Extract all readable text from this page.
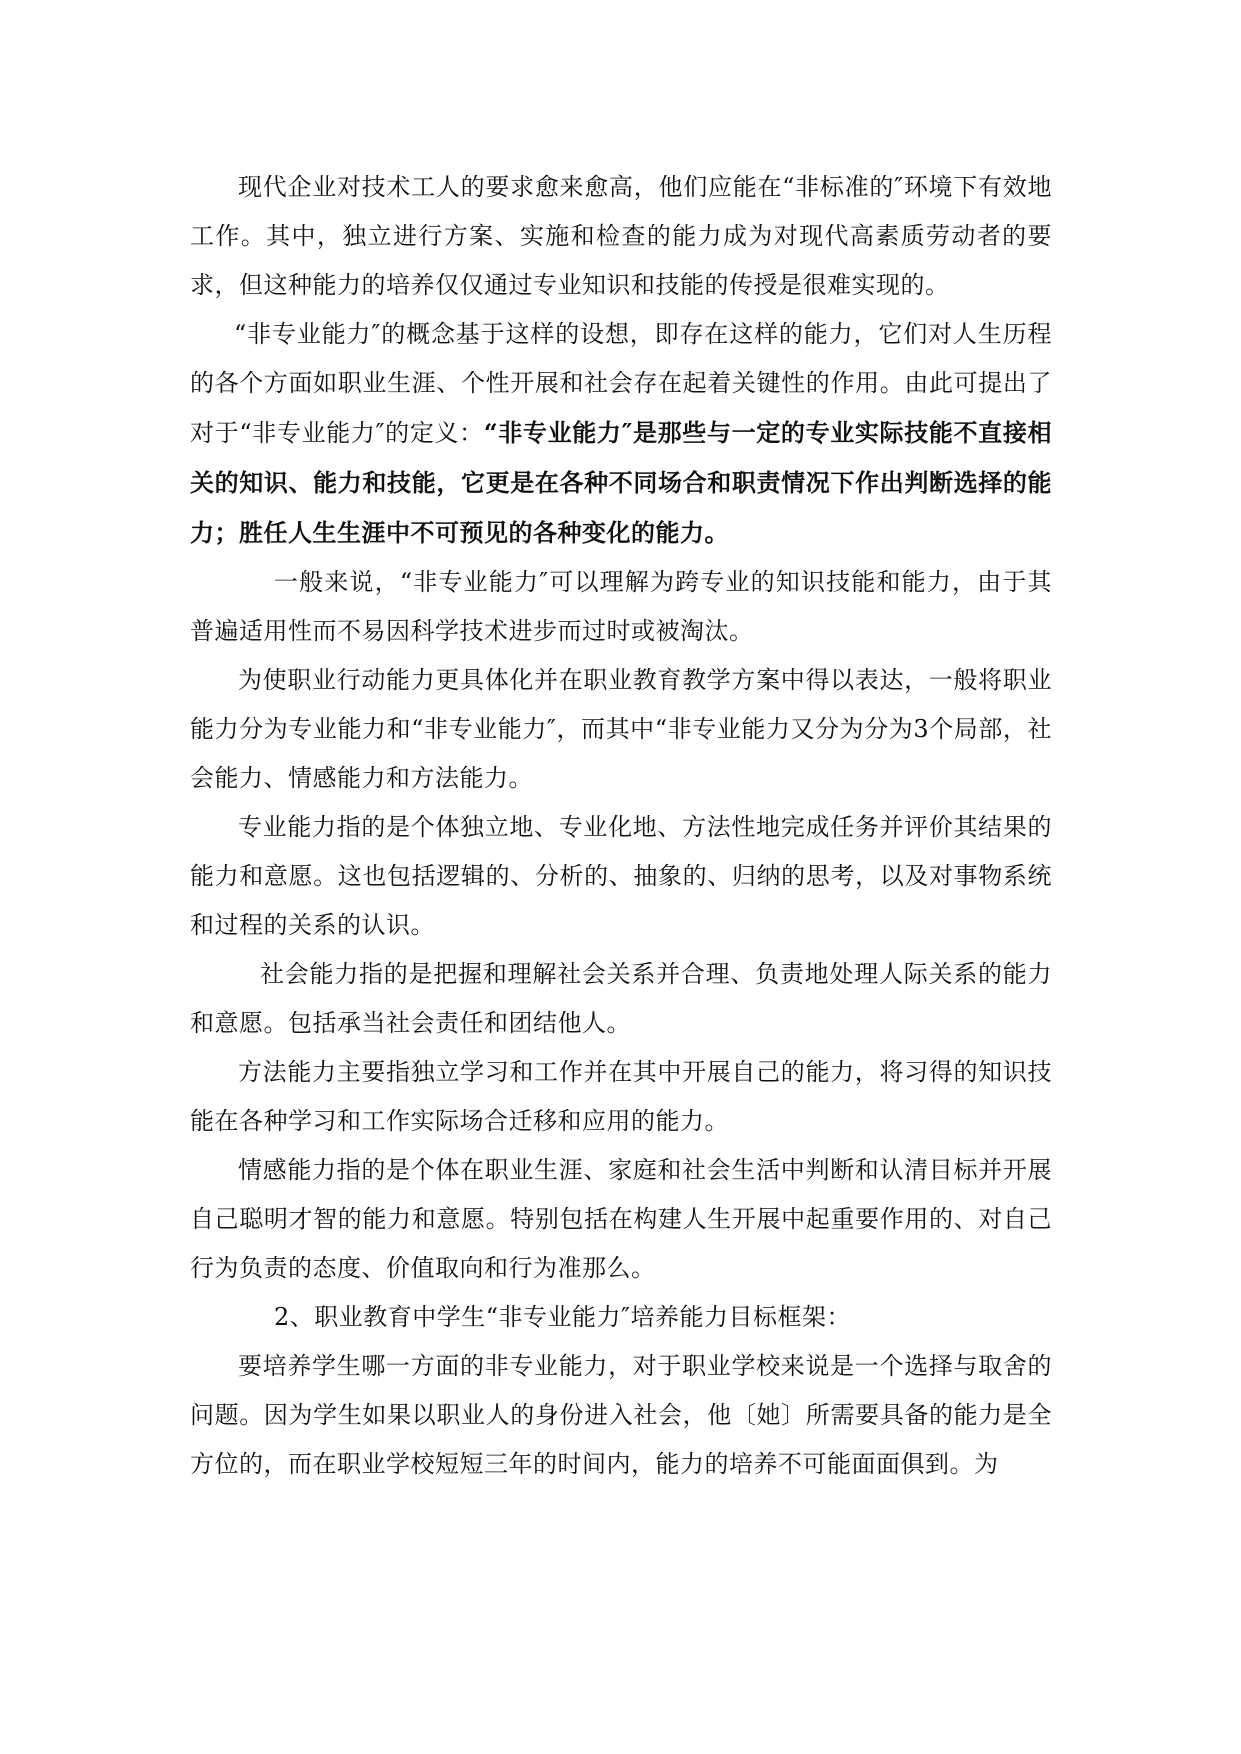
现代企业对技术工人的要求愈来愈高，他们应能在“非标准的″环境下有效地工作。其中，独立进行方案、实施和检查的能力成为对现代高素质劳动者的要求，但这种能力的培养仅仅通过专业知识和技能的传授是很难实现的。

“非专业能力″的概念基于这样的设想，即存在这样的能力，它们对人生历程的各个方面如职业生涯、个性开展和社会存在起着关键性的作用。由此可提出了对于“非专业能力″的定义：“非专业能力″是那些与一定的专业实际技能不直接相关的知识、能力和技能，它更是在各种不同场合和职责情况下作出判断选择的能力；胜任人生生涯中不可预见的各种变化的能力。

一般来说，“非专业能力″可以理解为跨专业的知识技能和能力，由于其普遍适用性而不易因科学技术进步而过时或被淘汰。

为使职业行动能力更具体化并在职业教育教学方案中得以表达，一般将职业能力分为专业能力和“非专业能力″，而其中“非专业能力又分为分为3个局部，社会能力、情感能力和方法能力。

专业能力指的是个体独立地、专业化地、方法性地完成任务并评价其结果的能力和意愿。这也包括逻辑的、分析的、抽象的、归纳的思考，以及对事物系统和过程的关系的认识。

社会能力指的是把握和理解社会关系并合理、负责地处理人际关系的能力和意愿。包括承当社会责任和团结他人。

方法能力主要指独立学习和工作并在其中开展自己的能力，将习得的知识技能在各种学习和工作实际场合迁移和应用的能力。

情感能力指的是个体在职业生涯、家庭和社会生活中判断和认清目标并开展自己聪明才智的能力和意愿。特别包括在构建人生开展中起重要作用的、对自己行为负责的态度、价值取向和行为准那么。

2、职业教育中学生“非专业能力″培养能力目标框架：

要培养学生哪一方面的非专业能力，对于职业学校来说是一个选择与取舍的问题。因为学生如果以职业人的身份进入社会，他〔她〕所需要具备的能力是全方位的，而在职业学校短短三年的时间内，能力的培养不可能面面俱到。为
